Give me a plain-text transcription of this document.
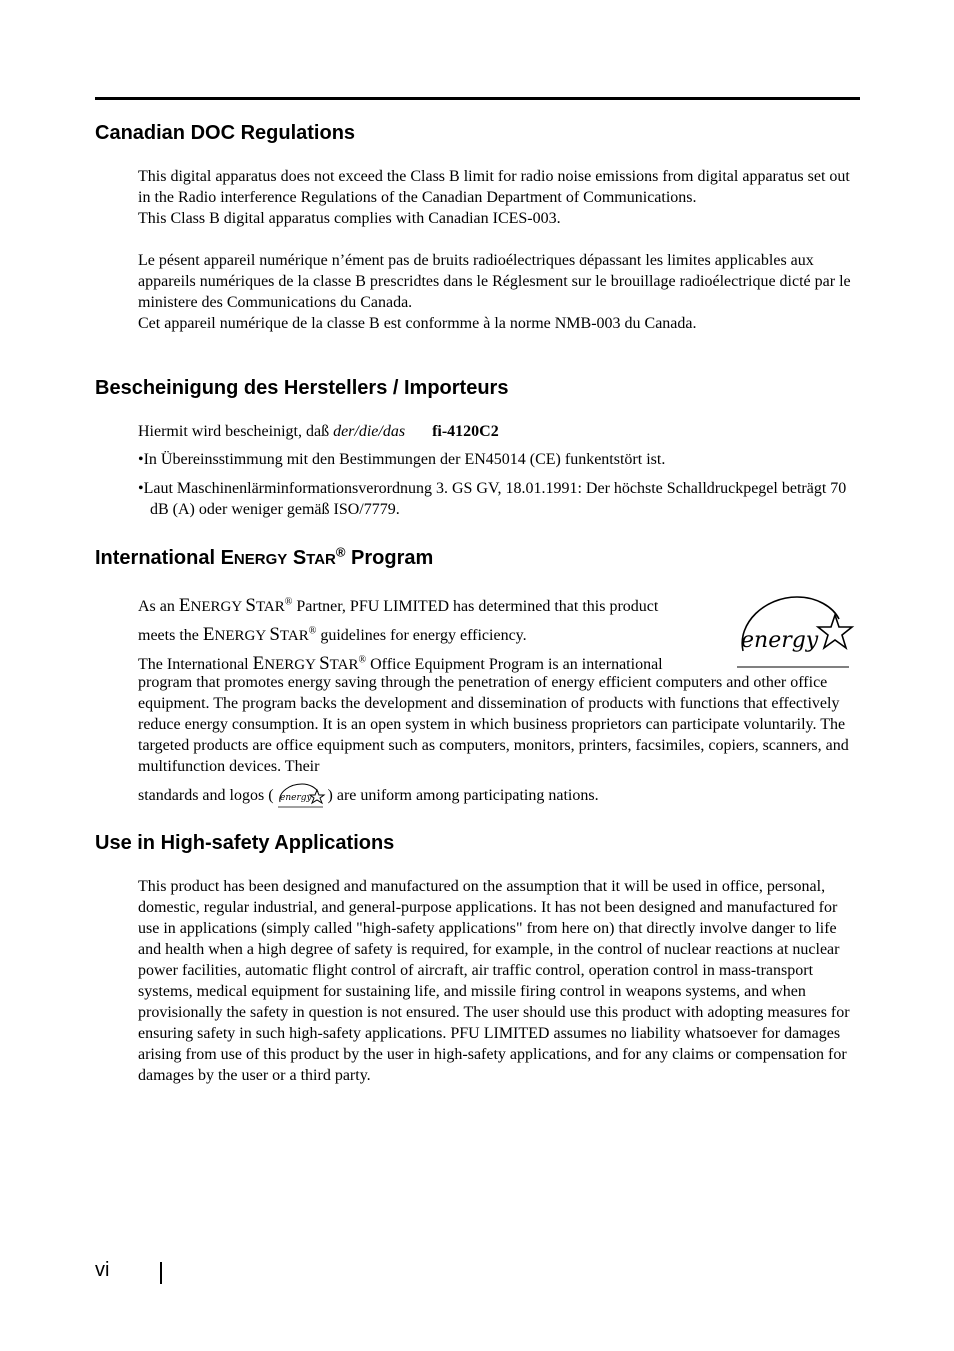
Canadian DOC Regulations

This digital apparatus does not exceed the Class B limit for radio noise emissions from digital apparatus set out in the Radio interference Regulations of the Canadian Department of Communications.

This Class B digital apparatus complies with Canadian ICES-003.

Le pésent appareil numérique n’ément pas de bruits radioélectriques dépassant les limites applicables aux appareils numériques de la classe B prescridtes dans le Réglesment sur le brouillage radioélectrique dicté par le ministere des Communications du Canada.

Cet appareil numérique de la classe B est conformme à la norme NMB-003 du Canada.

Bescheinigung des Herstellers / Importeurs
Hiermit wird bescheinigt, daß der/die/das fi-4120C2
•In Übereinsstimmung mit den Bestimmungen der EN45014 (CE) funkentstört ist.
•Laut Maschinenlärminformationsverordnung 3. GS GV, 18.01.1991: Der höchste Schalldruckpegel beträgt 70 dB (A) oder weniger gemäß ISO/7779.
International ENERGY STAR® Program

As an ENERGY STAR® Partner, PFU LIMITED has determined that this product

meets the ENERGY STAR® guidelines for energy efficiency.

The International ENERGY STAR® Office Equipment Program is an international

energy
program that promotes energy saving through the penetration of energy efficient computers and other office equipment. The program backs the development and dissemination of products with functions that effectively reduce energy consumption. It is an open system in which business proprietors can participate voluntarily. The targeted products are office equipment such as computers, monitors, printers, facsimiles, copiers, scanners, and multifunction devices. Their
standards and logos ( energy ) are uniform among participating nations.
Use in High-safety Applications
This product has been designed and manufactured on the assumption that it will be used in office, personal, domestic, regular industrial, and general-purpose applications. It has not been designed and manufactured for use in applications (simply called "high-safety applications" from here on) that directly involve danger to life and health when a high degree of safety is required, for example, in the control of nuclear reactions at nuclear power facilities, automatic flight control of aircraft, air traffic control, operation control in mass-transport systems, medical equipment for sustaining life, and missile firing control in weapons systems, and when provisionally the safety in question is not ensured. The user should use this product with adopting measures for ensuring safety in such high-safety applications. PFU LIMITED assumes no liability whatsoever for damages arising from use of this product by the user in high-safety applications, and for any claims or compensation for damages by the user or a third party.
vi
